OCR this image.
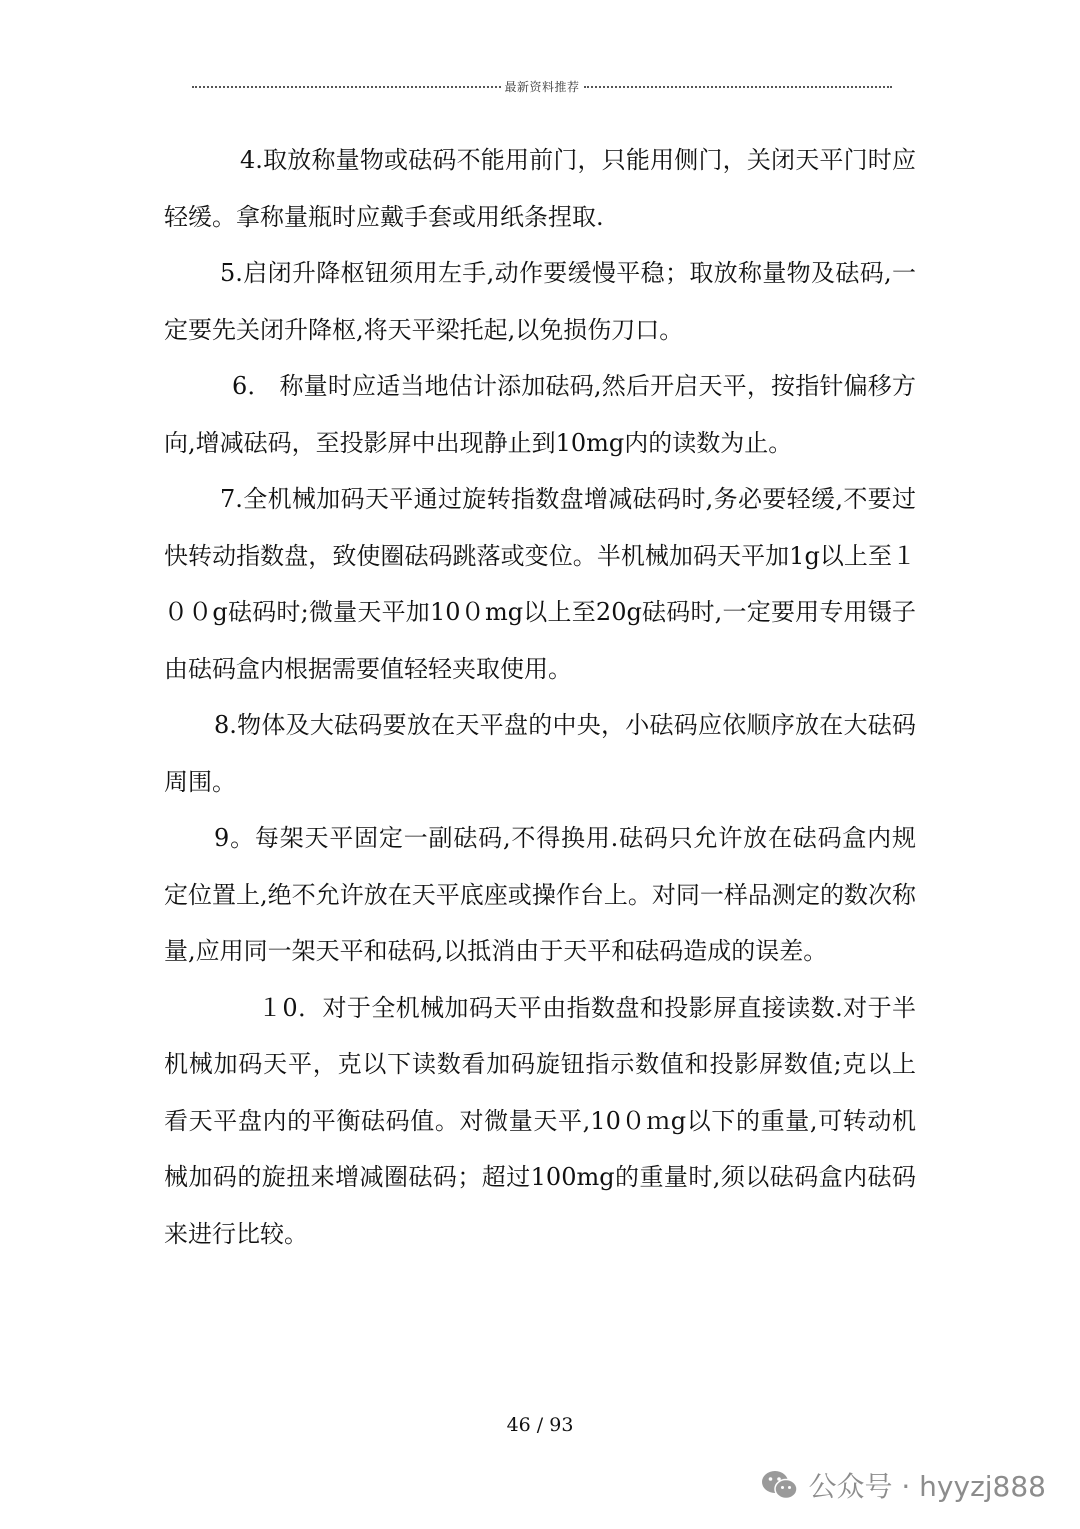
最新资料推荐

4.取放称量物或砝码不能用前门，只能用侧门，关闭天平门时应轻缓。拿称量瓶时应戴手套或用纸条捏取.

5.启闭升降枢钮须用左手,动作要缓慢平稳；取放称量物及砝码,一定要先关闭升降枢,将天平梁托起,以免损伤刀口。

6． 称量时应适当地估计添加砝码,然后开启天平，按指针偏移方向,增减砝码，至投影屏中出现静止到10mg内的读数为止。

7.全机械加码天平通过旋转指数盘增减砝码时,务必要轻缓,不要过快转动指数盘，致使圈砝码跳落或变位。半机械加码天平加1g以上至１００g砝码时;微量天平加10０mg以上至20g砝码时,一定要用专用镊子由砝码盒内根据需要值轻轻夹取使用。

8.物体及大砝码要放在天平盘的中央，小砝码应依顺序放在大砝码周围。

9。每架天平固定一副砝码,不得换用.砝码只允许放在砝码盒内规定位置上,绝不允许放在天平底座或操作台上。对同一样品测定的数次称量,应用同一架天平和砝码,以抵消由于天平和砝码造成的误差。

１0．对于全机械加码天平由指数盘和投影屏直接读数.对于半机械加码天平，克以下读数看加码旋钮指示数值和投影屏数值;克以上看天平盘内的平衡砝码值。对微量天平,10０ｍg以下的重量,可转动机械加码的旋扭来增减圈砝码；超过100mg的重量时,须以砝码盒内砝码来进行比较。

46 / 93
公众号 · hyyzj888
